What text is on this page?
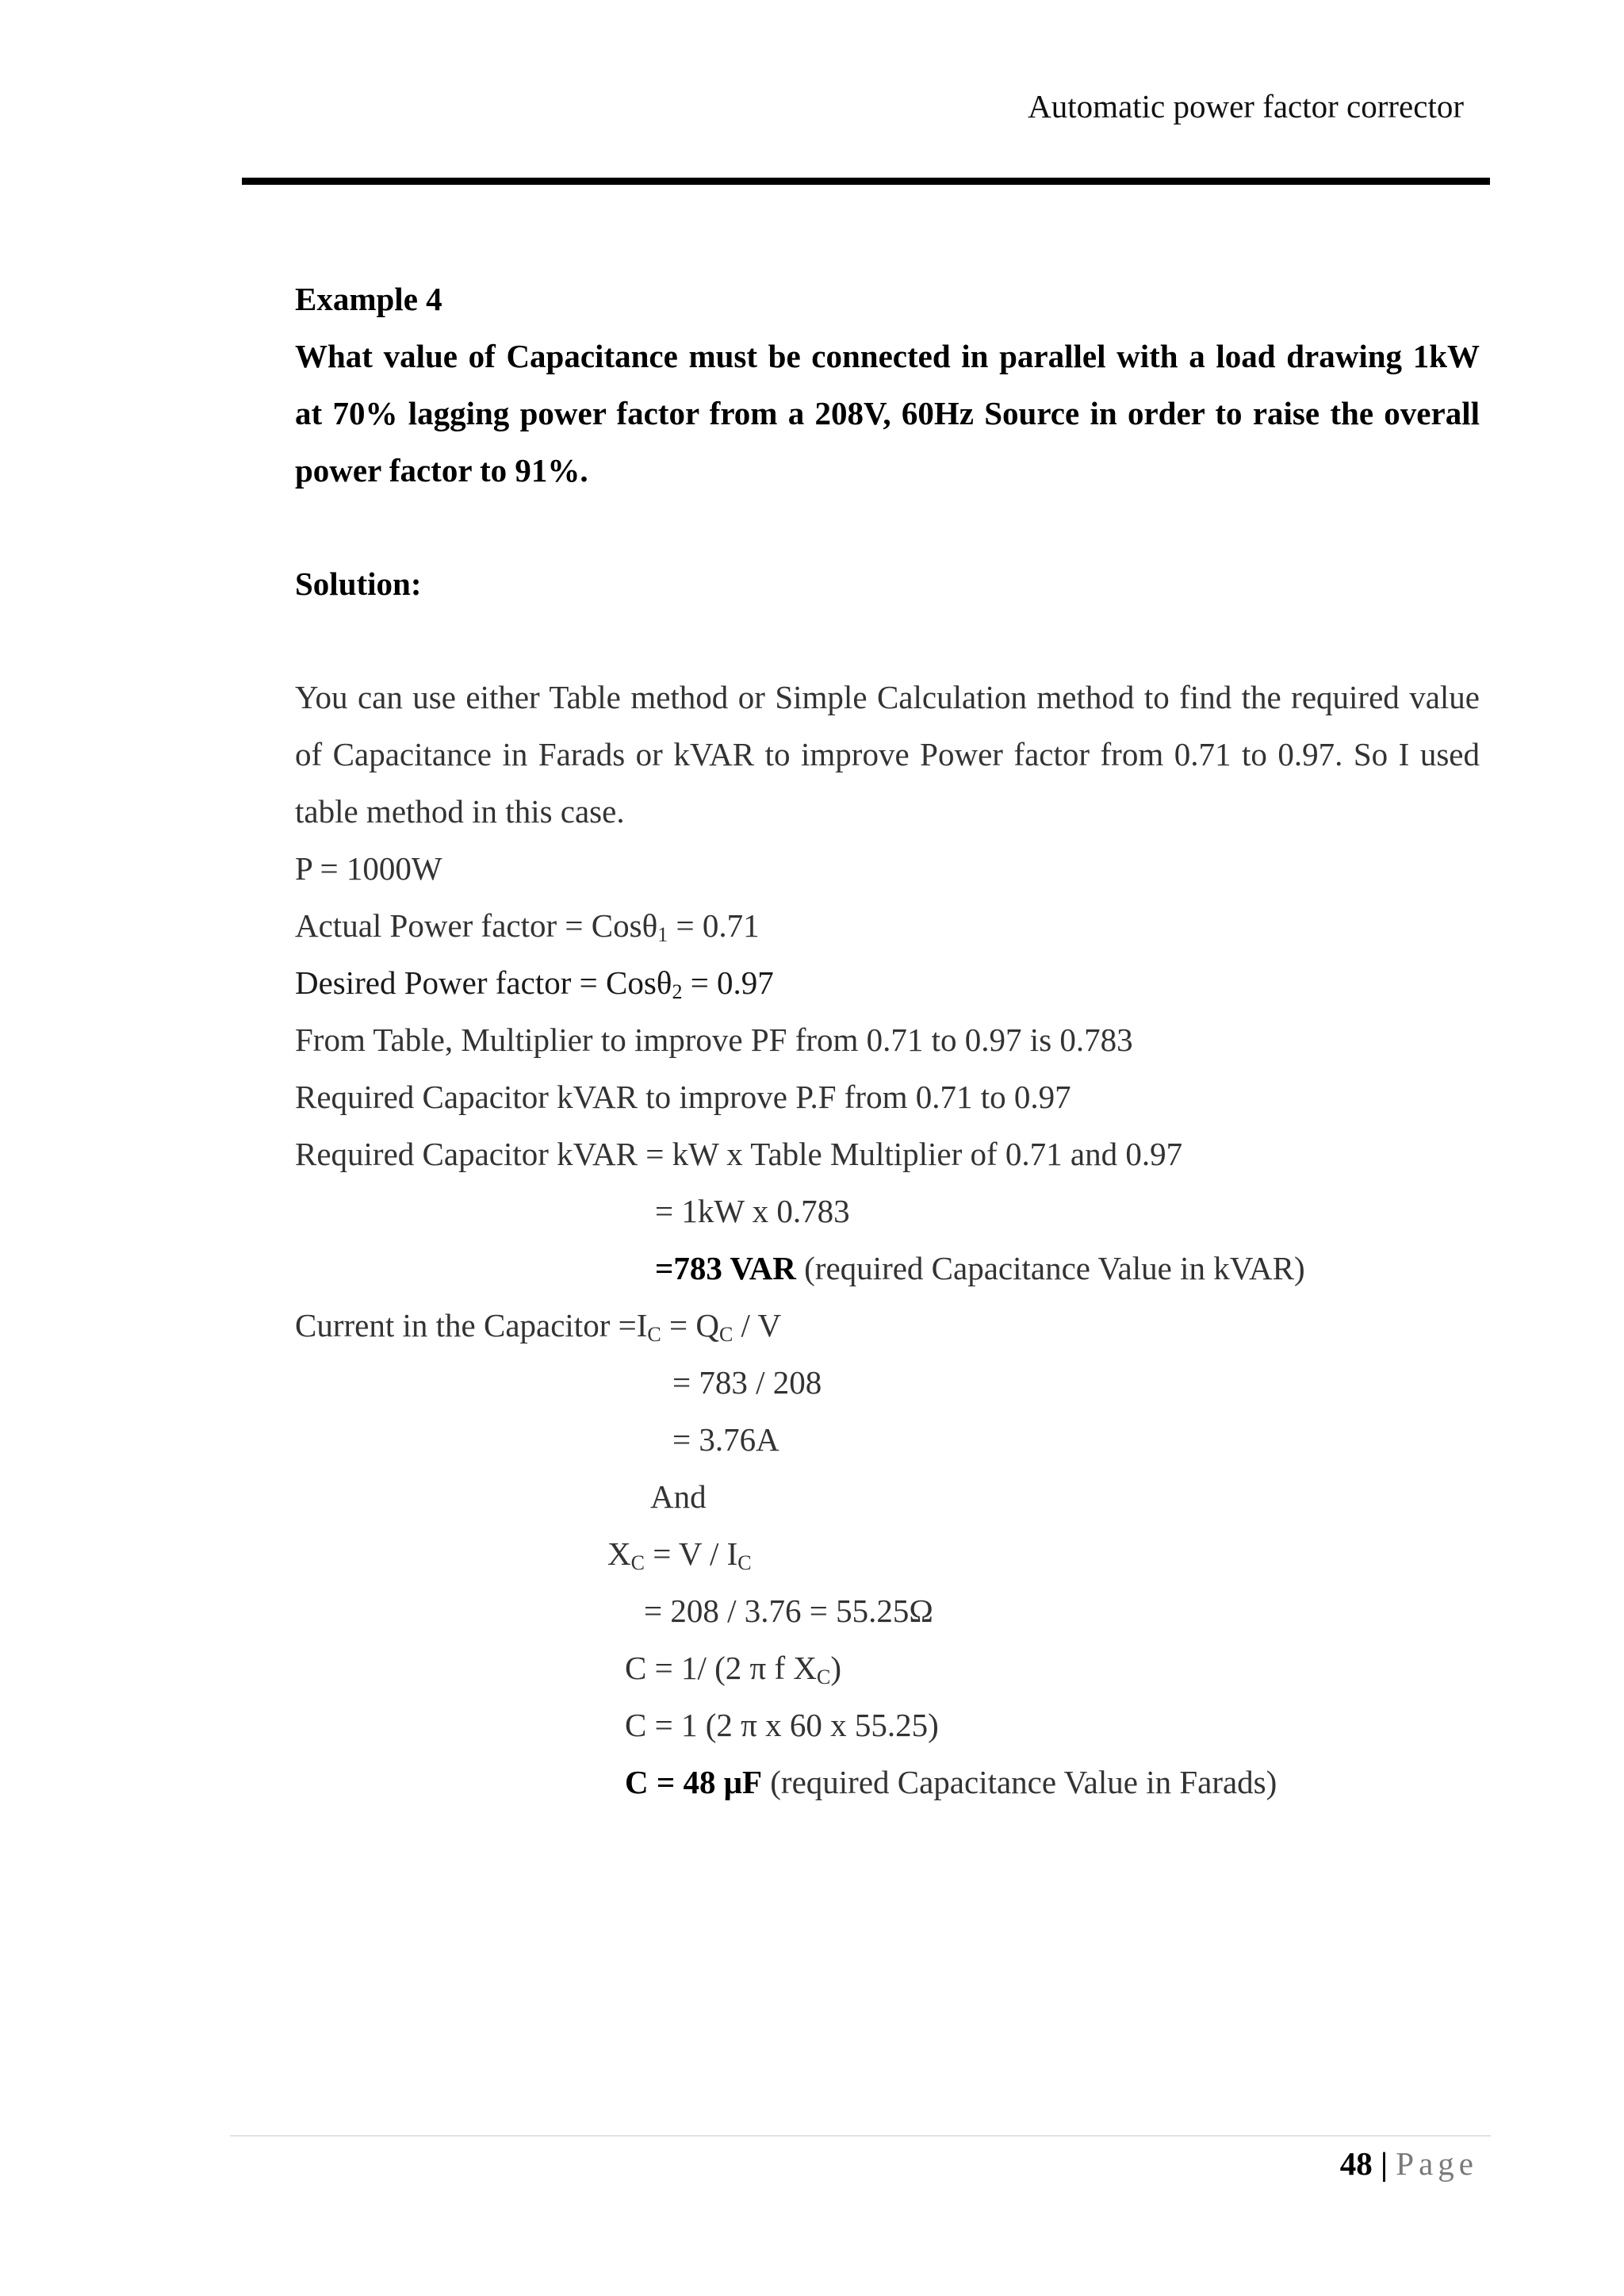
Automatic power factor corrector
Example 4
What value of Capacitance must be connected in parallel with a load drawing 1kW
at 70% lagging power factor from a 208V, 60Hz Source in order to raise the overall
power factor to 91%.
Solution:
You can use either Table method or Simple Calculation method to find the required value
of Capacitance in Farads or kVAR to improve Power factor from 0.71 to 0.97. So I used
table method in this case.
P = 1000W
Actual Power factor = Cosθ$_1$ = 0.71
Desired Power factor = Cosθ$_2$ = 0.97
From Table, Multiplier to improve PF from 0.71 to 0.97 is 0.783
Required Capacitor kVAR to improve P.F from 0.71 to 0.97
Required Capacitor kVAR = kW x Table Multiplier of 0.71 and 0.97
= 1kW x 0.783
=783 VAR (required Capacitance Value in kVAR)
Current in the Capacitor $=I_C = Q_C / V$
= 783 / 208
= 3.76A
And
$X_C = V / I_C$
= 208 / 3.76 = 55.25Ω
C = 1/ (2 π f $X_C$)
C = 1 (2 π x 60 x 55.25)
C = 48 μF (required Capacitance Value in Farads)
48 | Page
